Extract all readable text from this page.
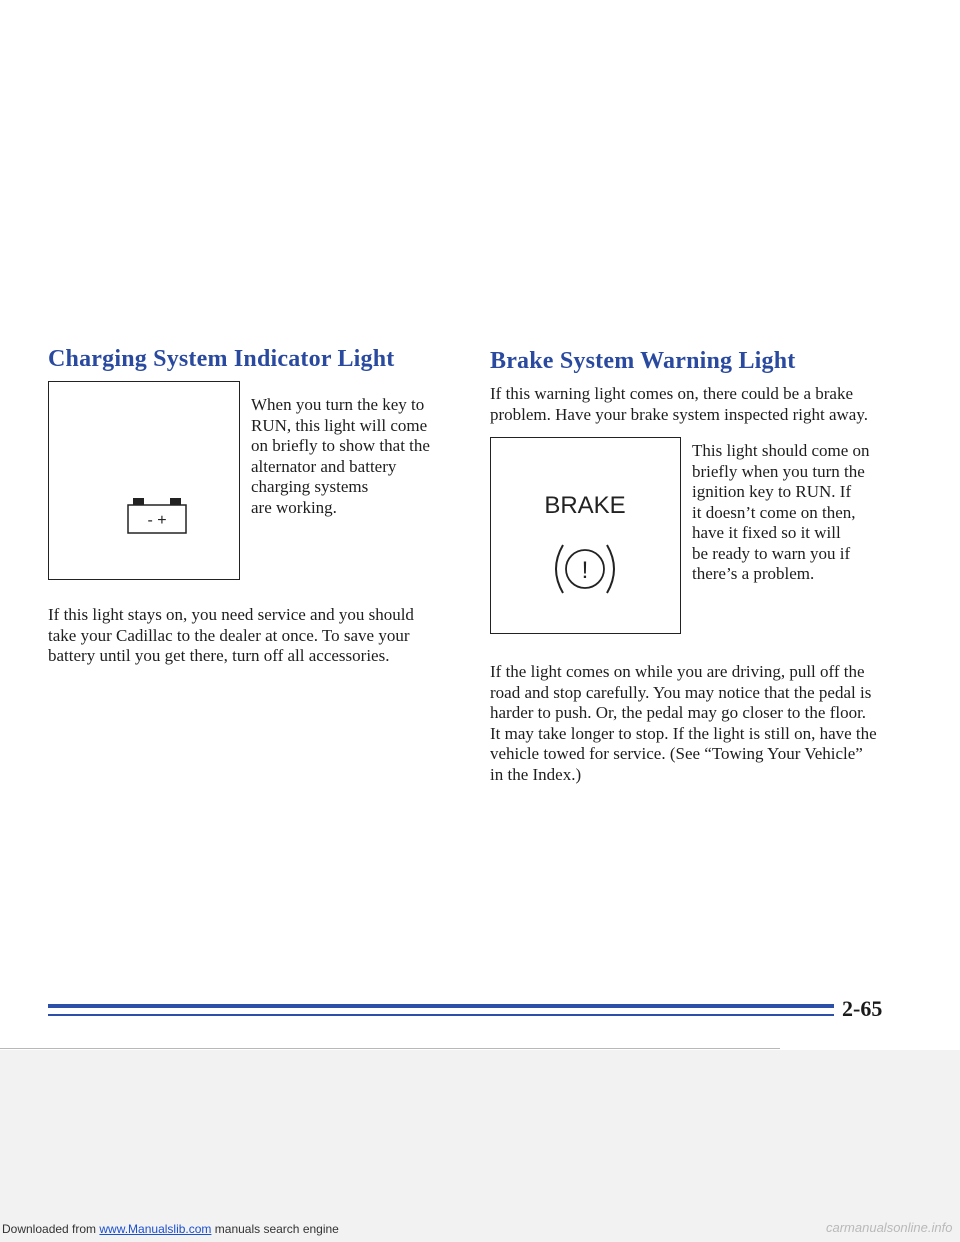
Charging System Indicator Light
- +
When you turn the key to
RUN, this light will come
on briefly to show that the
alternator and battery
charging systems
are working.
If this light stays on, you need service and you should
take your Cadillac to the dealer at once. To save your
battery until you get there, turn off all accessories.
Brake System Warning Light
If this warning light comes on, there could be a brake
problem. Have your brake system inspected right away.
BRAKE
!
This light should come on
briefly when you turn the
ignition key to RUN. If
it doesn’t come on then,
have it fixed so it will
be ready to warn you if
there’s a problem.
If the light comes on while you are driving, pull off the
road and stop carefully. You may notice that the pedal is
harder to push. Or, the pedal may go closer to the floor.
It may take longer to stop. If the light is still on, have the
vehicle towed for service. (See “Towing Your Vehicle”
in the Index.)
2-65
Downloaded from www.Manualslib.com manuals search engine	carmanualsonline.info
